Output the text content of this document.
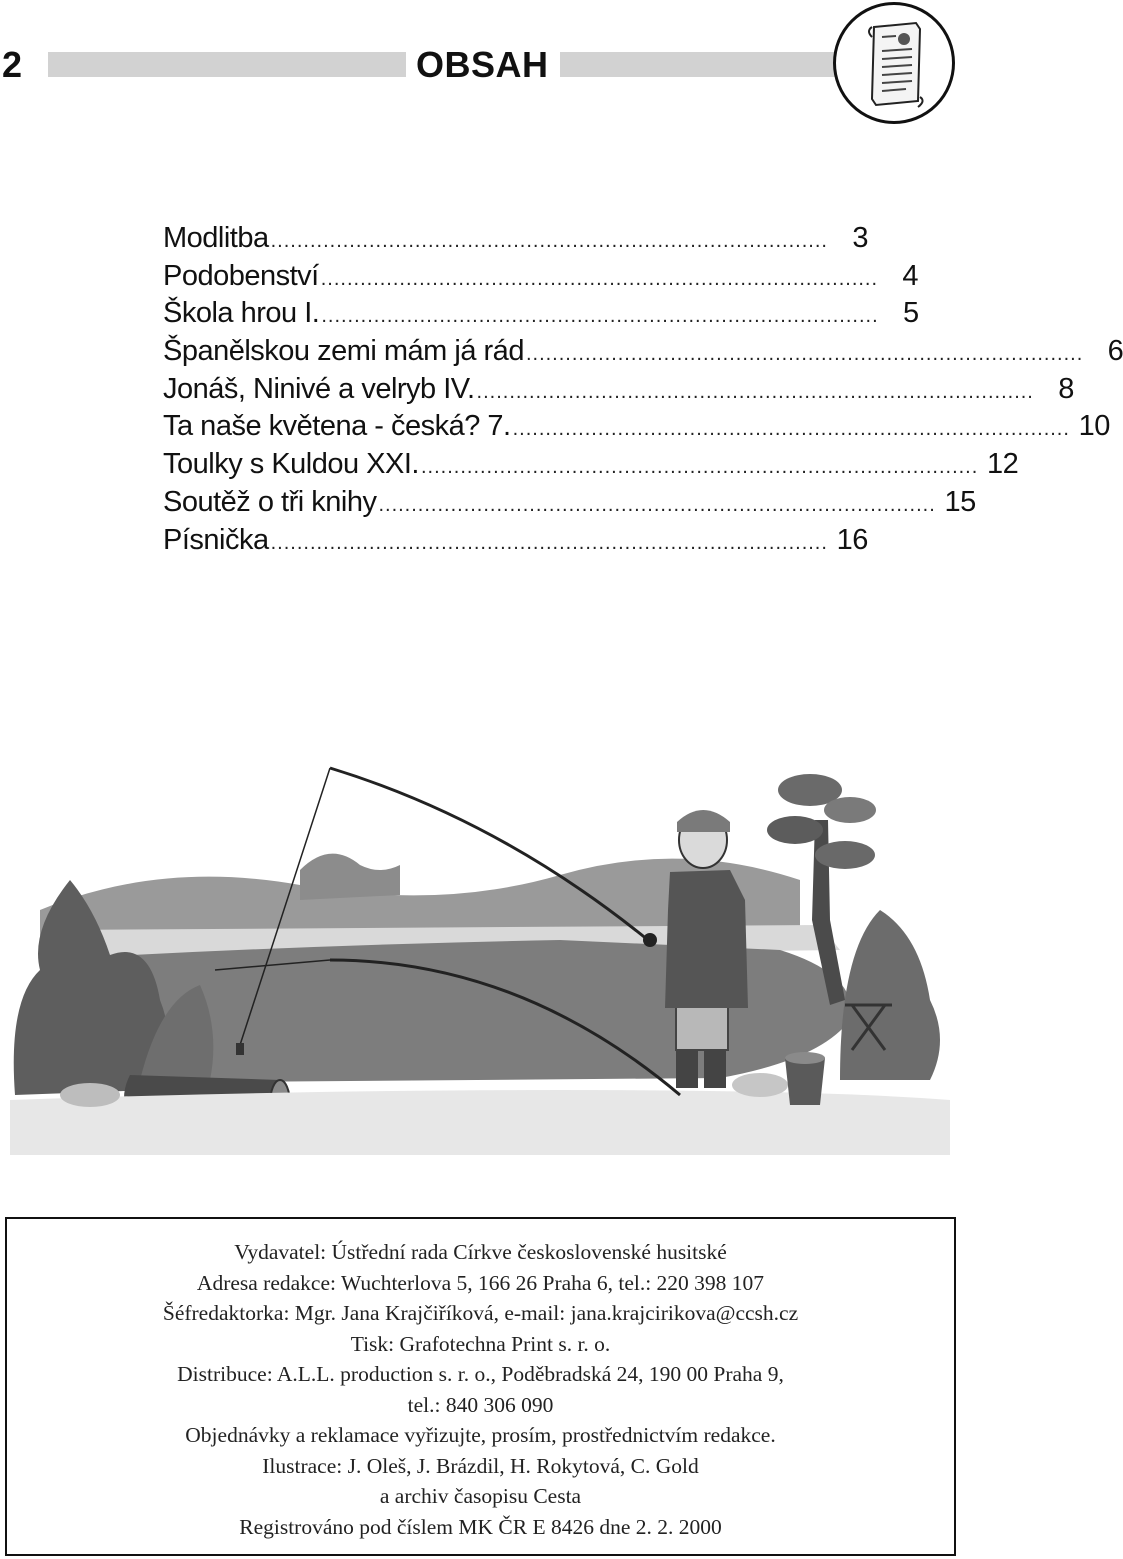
2	OBSAH
Modlitba ..................................................................................... 3
Podobenství ..................................................................................... 4
Škola hrou I. ..................................................................................... 5
Španělskou zemi mám já rád ..................................................................................... 6
Jonáš, Ninivé a velryb IV. ..................................................................................... 8
Ta naše květena - česká? 7. ..................................................................................... 10
Toulky s Kuldou XXI. ..................................................................................... 12
Soutěž o tři knihy ..................................................................................... 15
Písnička ..................................................................................... 16
Vydavatel: Ústřední rada Církve československé husitské
Adresa redakce: Wuchterlova 5, 166 26 Praha 6, tel.: 220 398 107
Šéfredaktorka: Mgr. Jana Krajčiříková, e-mail: jana.krajcirikova@ccsh.cz
Tisk: Grafotechna Print s. r. o.
Distribuce: A.L.L. production s. r. o., Poděbradská 24, 190 00 Praha 9,
tel.: 840 306 090
Objednávky a reklamace vyřizujte, prosím, prostřednictvím redakce.
Ilustrace: J. Oleš, J. Brázdil, H. Rokytová, C. Gold
a archiv časopisu Cesta
Registrováno pod číslem MK ČR E 8426 dne 2. 2. 2000
